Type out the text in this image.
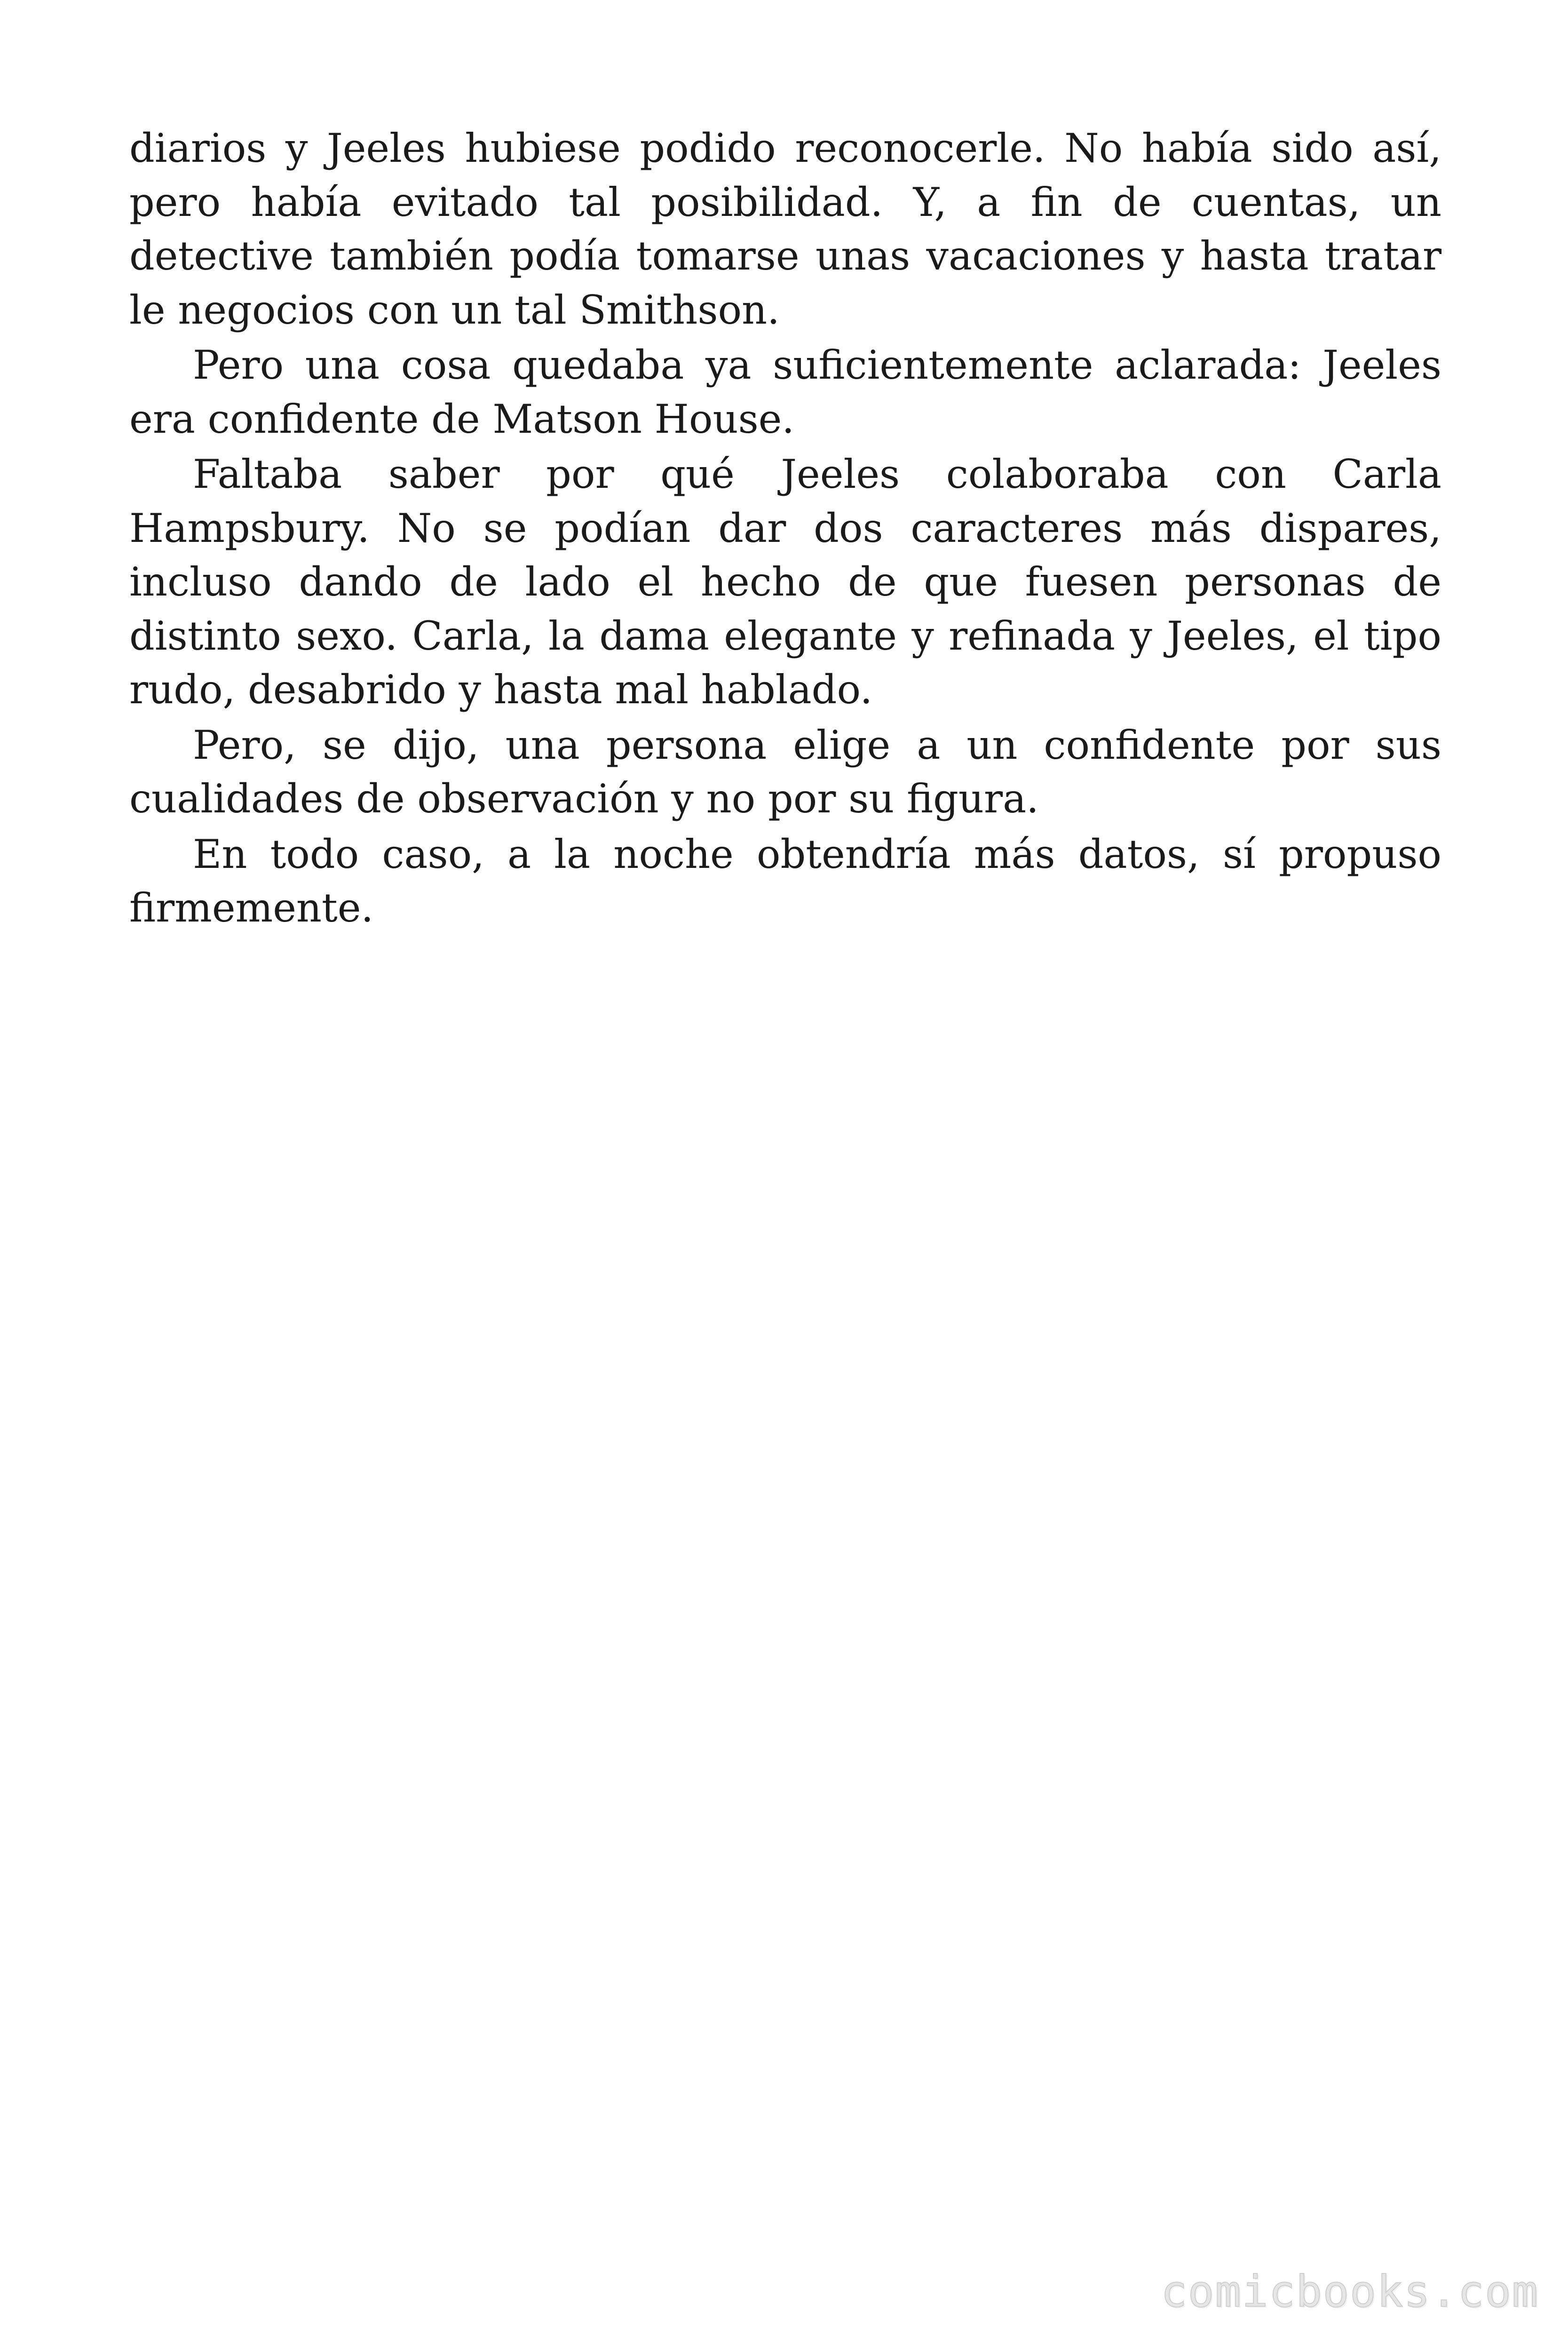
diarios y Jeeles hubiese podido reconocerle. No había sido así, pero había evitado tal posibilidad. Y, a fin de cuentas, un detective también podía tomarse unas vacaciones y hasta tratar le negocios con un tal Smithson.

Pero una cosa quedaba ya suficientemente aclarada: Jeeles era confidente de Matson House.

Faltaba saber por qué Jeeles colaboraba con Carla Hampsbury. No se podían dar dos caracteres más dispares, incluso dando de lado el hecho de que fuesen personas de distinto sexo. Carla, la dama elegante y refinada y Jeeles, el tipo rudo, desabrido y hasta mal hablado.

Pero, se dijo, una persona elige a un confidente por sus cualidades de observación y no por su figura.

En todo caso, a la noche obtendría más datos, sí propuso firmemente.

comicbooks.com
